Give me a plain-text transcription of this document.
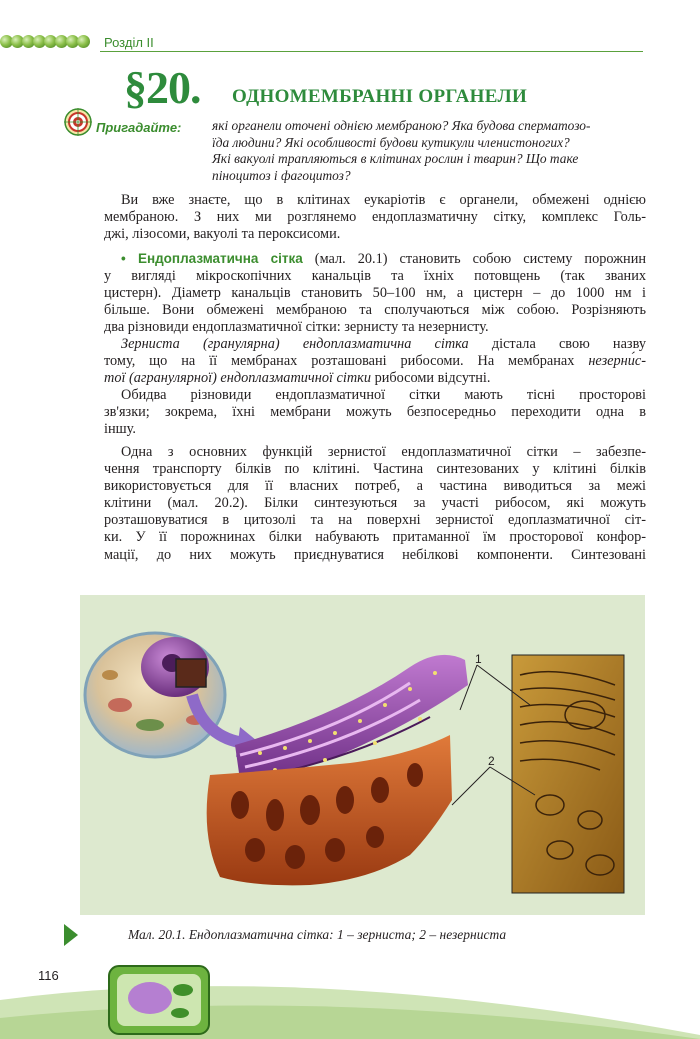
Розділ ІІ
§20. ОДНОМЕМБРАННІ ОРГАНЕЛИ
Пригадайте: які органели оточені однією мембраною? Яка будова сперматозо-
їда людини? Які особливості будови кутикули членистоногих?
Які вакуолі трапляються в клітинах рослин і тварин? Що таке
піноцитоз і фагоцитоз?
Ви вже знаєте, що в клітинах еукаріотів є органели, обмежені однією
мембраною. З них ми розглянемо ендоплазматичну сітку, комплекс Голь-
джі, лізосоми, вакуолі та пероксисоми.
• Ендоплазматична сітка (мал. 20.1) становить собою систему порожнин
у вигляді мікроскопічних канальців та їхніх потовщень (так званих
цистерн). Діаметр канальців становить 50–100 нм, а цистерн – до 1000 нм і
більше. Вони обмежені мембраною та сполучаються між собою. Розрізняють
два різновиди ендоплазматичної сітки: зернисту та незернисту.
Зерниста (гранулярна) ендоплазматична сітка дістала свою назву
тому, що на її мембранах розташовані рибосоми. На мембранах незерни́с-
тої (агранулярної) ендоплазматичної сітки рибосоми відсутні.
Обидва різновиди ендоплазматичної сітки мають тісні просторові
зв'язки; зокрема, їхні мембрани можуть безпосередньо переходити одна в
іншу.
Одна з основних функцій зернистої ендоплазматичної сітки – забезпе-
чення транспорту білків по клітині. Частина синтезованих у клітині білків
використовується для її власних потреб, а частина виводиться за межі
клітини (мал. 20.2). Білки синтезуються за участі рибосом, які можуть
розташовуватися в цитозолі та на поверхні зернистої едоплазматичної сіт-
ки. У її порожнинах білки набувають притаманної їм просторової конфор-
мації, до них можуть приєднуватися небілкові компоненти. Синтезовані
1
2
Мал. 20.1. Ендоплазматична сітка: 1 – зерниста; 2 – незерниста
116
